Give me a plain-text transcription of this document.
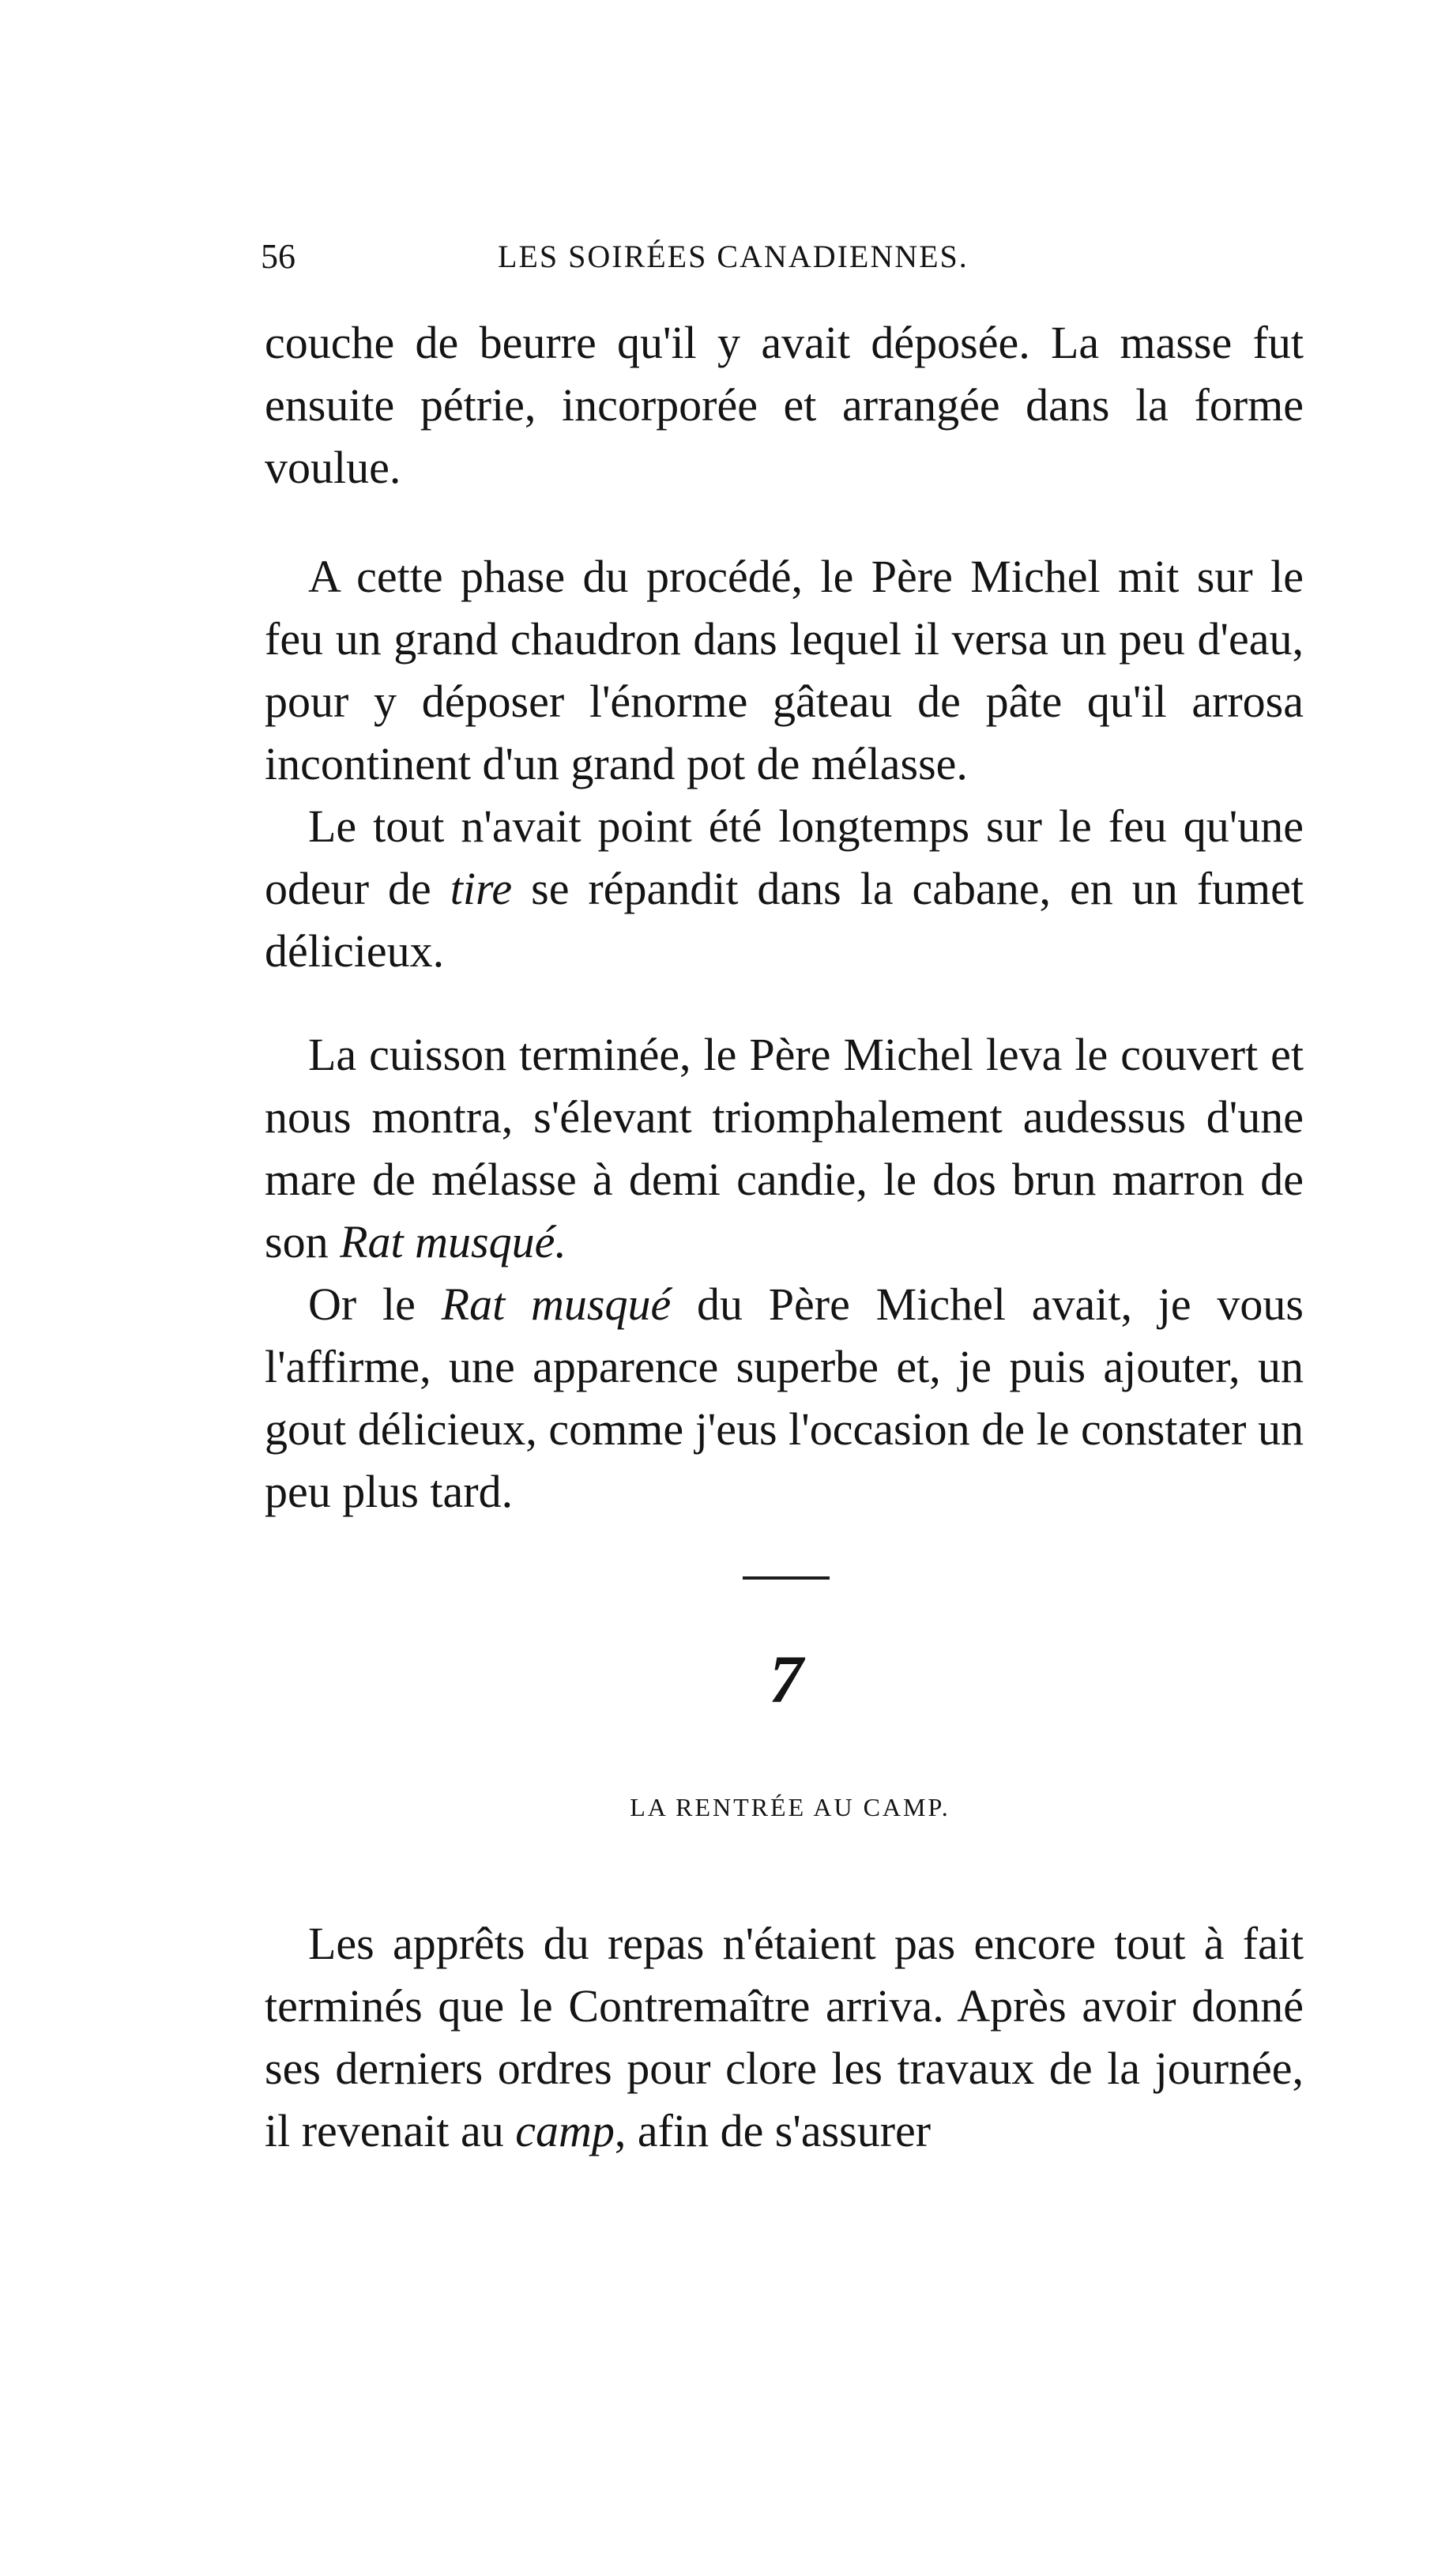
56	LES SOIRÉES CANADIENNES.

couche de beurre qu'il y avait déposée. La masse fut ensuite pétrie, incorporée et arrangée dans la forme voulue.

A cette phase du procédé, le Père Michel mit sur le feu un grand chaudron dans lequel il versa un peu d'eau, pour y déposer l'énorme gâteau de pâte qu'il arrosa incontinent d'un grand pot de mélasse.

Le tout n'avait point été longtemps sur le feu qu'une odeur de tire se répandit dans la cabane, en un fumet délicieux.

La cuisson terminée, le Père Michel leva le couvert et nous montra, s'élevant triomphalement audessus d'une mare de mélasse à demi candie, le dos brun marron de son Rat musqué.

Or le Rat musqué du Père Michel avait, je vous l'affirme, une apparence superbe et, je puis ajouter, un gout délicieux, comme j'eus l'occasion de le constater un peu plus tard.

7
LA RENTRÉE AU CAMP.

Les apprêts du repas n'étaient pas encore tout à fait terminés que le Contremaître arriva. Après avoir donné ses derniers ordres pour clore les travaux de la journée, il revenait au camp, afin de s'assurer
